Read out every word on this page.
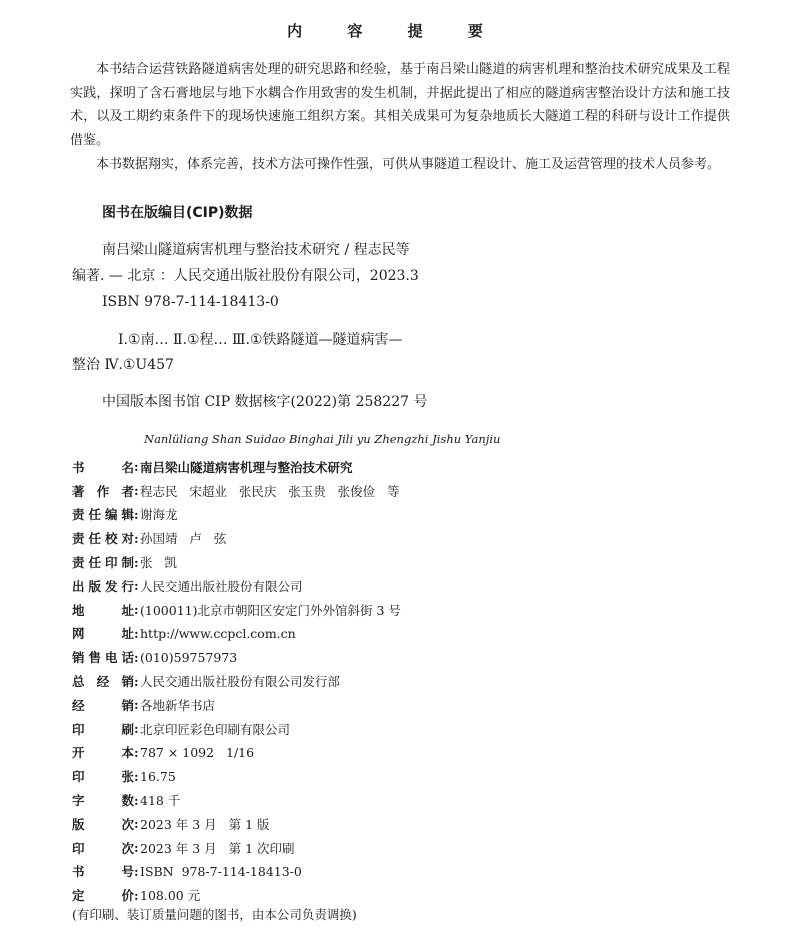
内 容 提 要

本书结合运营铁路隧道病害处理的研究思路和经验，基于南吕梁山隧道的病害机理和整治技术研究成果及工程实践，探明了含石膏地层与地下水耦合作用致害的发生机制，并据此提出了相应的隧道病害整治设计方法和施工技术，以及工期约束条件下的现场快速施工组织方案。其相关成果可为复杂地质长大隧道工程的科研与设计工作提供借鉴。

本书数据翔实，体系完善，技术方法可操作性强，可供从事隧道工程设计、施工及运营管理的技术人员参考。

图书在版编目(CIP)数据
南吕梁山隧道病害机理与整治技术研究 / 程志民等
编著. — 北京 ：人民交通出版社股份有限公司，2023.3
ISBN 978-7-114-18413-0
Ⅰ.①南… Ⅱ.①程… Ⅲ.①铁路隧道—隧道病害—
整治 Ⅳ.①U457
中国版本图书馆 CIP 数据核字(2022)第 258227 号
Nanlüliang Shan Suidao Binghai Jili yu Zhengzhi Jishu Yanjiu
书名 : 南吕梁山隧道病害机理与整治技术研究
著作者 : 程志民   宋超业   张民庆   张玉贵   张俊俭   等
责任编辑 : 谢海龙
责任校对 : 孙国靖   卢   弦
责任印制 : 张   凯
出版发行 : 人民交通出版社股份有限公司
地址 : (100011)北京市朝阳区安定门外外馆斜街 3 号
网址 : http://www.ccpcl.com.cn
销售电话 : (010)59757973
总经销 : 人民交通出版社股份有限公司发行部
经销 : 各地新华书店
印刷 : 北京印匠彩色印刷有限公司
开本 : 787 × 1092   1/16
印张 : 16.75
字数 : 418 千
版次 : 2023 年 3 月   第 1 版
印次 : 2023 年 3 月   第 1 次印刷
书号 : ISBN  978-7-114-18413-0
定价 : 108.00 元
(有印刷、装订质量问题的图书，由本公司负责调换)
